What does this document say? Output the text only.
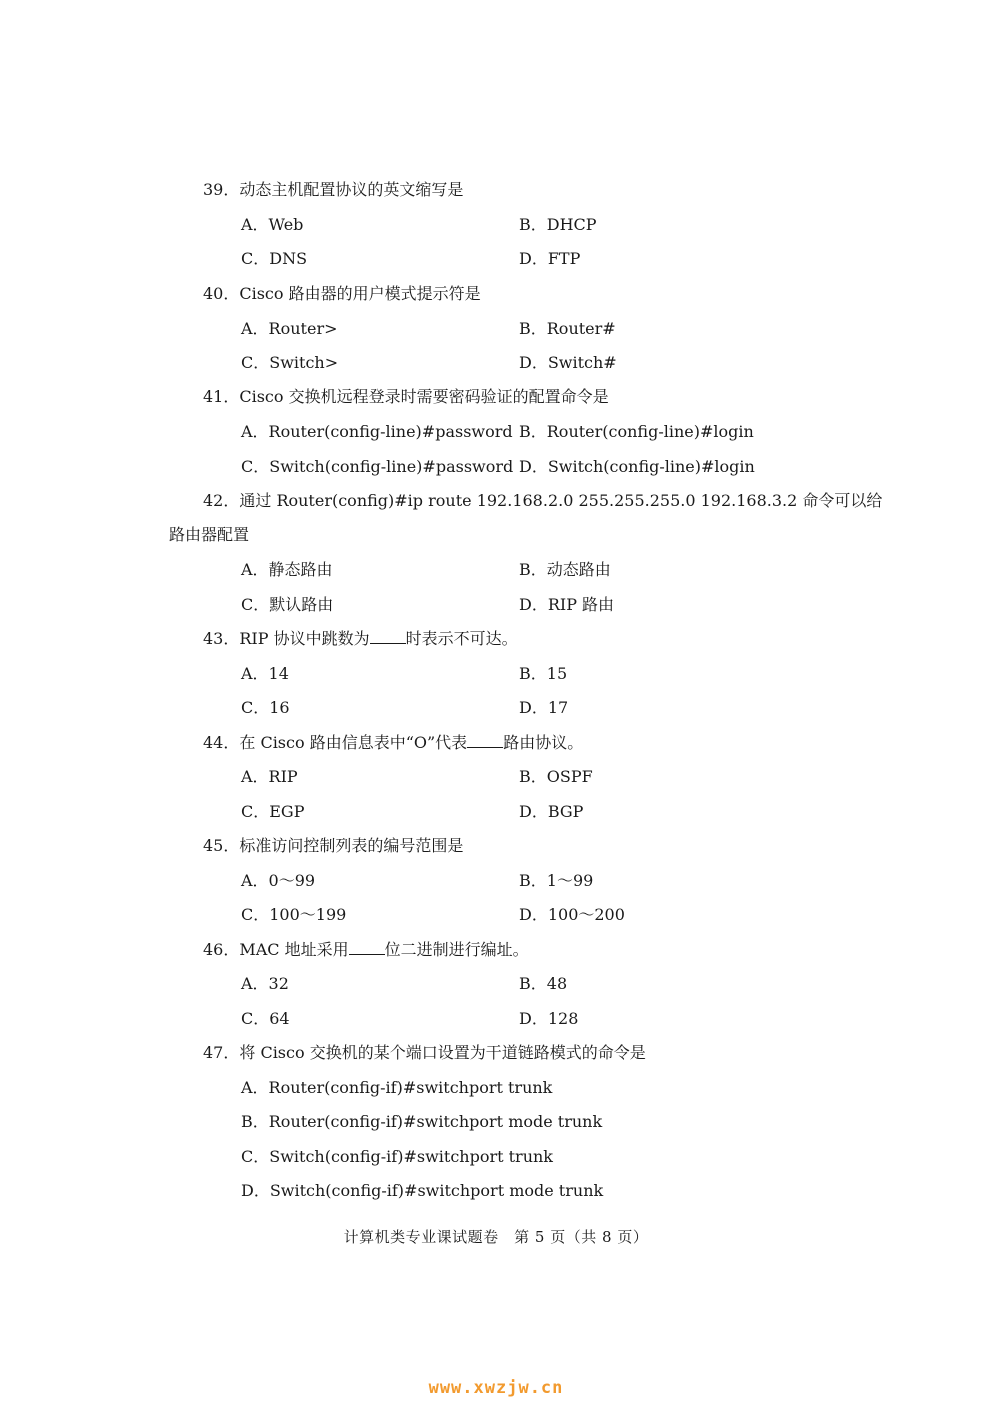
39．动态主机配置协议的英文缩写是
A．Web	B．DHCP
C．DNS	D．FTP
40．Cisco 路由器的用户模式提示符是
A．Router>	B．Router#
C．Switch>	D．Switch#
41．Cisco 交换机远程登录时需要密码验证的配置命令是
A．Router(config-line)#password B．Router(config-line)#login
C．Switch(config-line)#password D．Switch(config-line)#login
42．通过 Router(config)#ip route 192.168.2.0 255.255.255.0 192.168.3.2 命令可以给
路由器配置
A．静态路由	B．动态路由
C．默认路由	D．RIP 路由
43．RIP 协议中跳数为 时表示不可达。
A．14	B．15
C．16	D．17
44．在 Cisco 路由信息表中“O”代表 路由协议。
A．RIP	B．OSPF
C．EGP	D．BGP
45．标准访问控制列表的编号范围是
A．0～99	B．1～99
C．100～199	D．100～200
46．MAC 地址采用 位二进制进行编址。
A．32	B．48
C．64	D．128
47．将 Cisco 交换机的某个端口设置为干道链路模式的命令是
A．Router(config-if)#switchport trunk
B．Router(config-if)#switchport mode trunk
C．Switch(config-if)#switchport trunk
D．Switch(config-if)#switchport mode trunk
计算机类专业课试题卷　第 5 页（共 8 页）
www.xwzjw.cn
